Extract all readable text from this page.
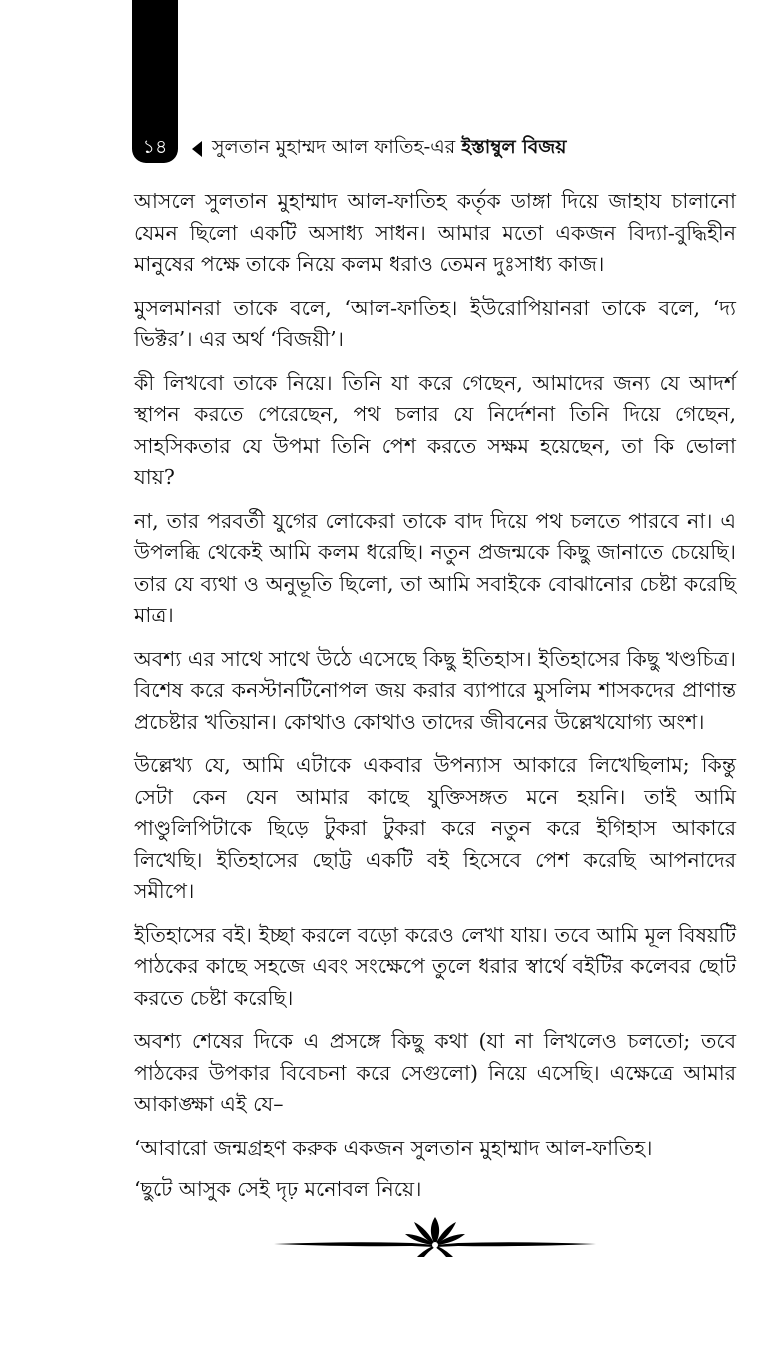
১৪	সুলতান মুহাম্মদ আল ফাতিহ-এর ইস্তাম্বুল বিজয়

আসলে সুলতান মুহাম্মাদ আল-ফাতিহ কর্তৃক ডাঙ্গা দিয়ে জাহায চালানো যেমন ছিলো একটি অসাধ্য সাধন। আমার মতো একজন বিদ্যা-বুদ্ধিহীন মানুষের পক্ষে তাকে নিয়ে কলম ধরাও তেমন দুঃসাধ্য কাজ।

মুসলমানরা তাকে বলে, ‘আল-ফাতিহ। ইউরোপিয়ানরা তাকে বলে, ‘দ্য ভিক্টর’। এর অর্থ ‘বিজয়ী’।

কী লিখবো তাকে নিয়ে। তিনি যা করে গেছেন, আমাদের জন্য যে আদর্শ স্থাপন করতে পেরেছেন, পথ চলার যে নির্দেশনা তিনি দিয়ে গেছেন, সাহসিকতার যে উপমা তিনি পেশ করতে সক্ষম হয়েছেন, তা কি ভোলা যায়?

না, তার পরবর্তী যুগের লোকেরা তাকে বাদ দিয়ে পথ চলতে পারবে না। এ উপলব্ধি থেকেই আমি কলম ধরেছি। নতুন প্রজন্মকে কিছু জানাতে চেয়েছি। তার যে ব্যথা ও অনুভূতি ছিলো, তা আমি সবাইকে বোঝানোর চেষ্টা করেছি মাত্র।

অবশ্য এর সাথে সাথে উঠে এসেছে কিছু ইতিহাস। ইতিহাসের কিছু খণ্ডচিত্র। বিশেষ করে কনস্টানটিনোপল জয় করার ব্যাপারে মুসলিম শাসকদের প্রাণান্ত প্রচেষ্টার খতিয়ান। কোথাও কোথাও তাদের জীবনের উল্লেখযোগ্য অংশ।

উল্লেখ্য যে, আমি এটাকে একবার উপন্যাস আকারে লিখেছিলাম; কিন্তু সেটা কেন যেন আমার কাছে যুক্তিসঙ্গত মনে হয়নি। তাই আমি পাণ্ডুলিপিটাকে ছিড়ে টুকরা টুকরা করে নতুন করে ইগিহাস আকারে লিখেছি। ইতিহাসের ছোট্ট একটি বই হিসেবে পেশ করেছি আপনাদের সমীপে।

ইতিহাসের বই। ইচ্ছা করলে বড়ো করেও লেখা যায়। তবে আমি মূল বিষয়টি পাঠকের কাছে সহজে এবং সংক্ষেপে তুলে ধরার স্বার্থে বইটির কলেবর ছোট করতে চেষ্টা করেছি।

অবশ্য শেষের দিকে এ প্রসঙ্গে কিছু কথা (যা না লিখলেও চলতো; তবে পাঠকের উপকার বিবেচনা করে সেগুলো) নিয়ে এসেছি। এক্ষেত্রে আমার আকাঙ্ক্ষা এই যে–

‘আবারো জন্মগ্রহণ করুক একজন সুলতান মুহাম্মাদ আল-ফাতিহ।

‘ছুটে আসুক সেই দৃঢ় মনোবল নিয়ে।
